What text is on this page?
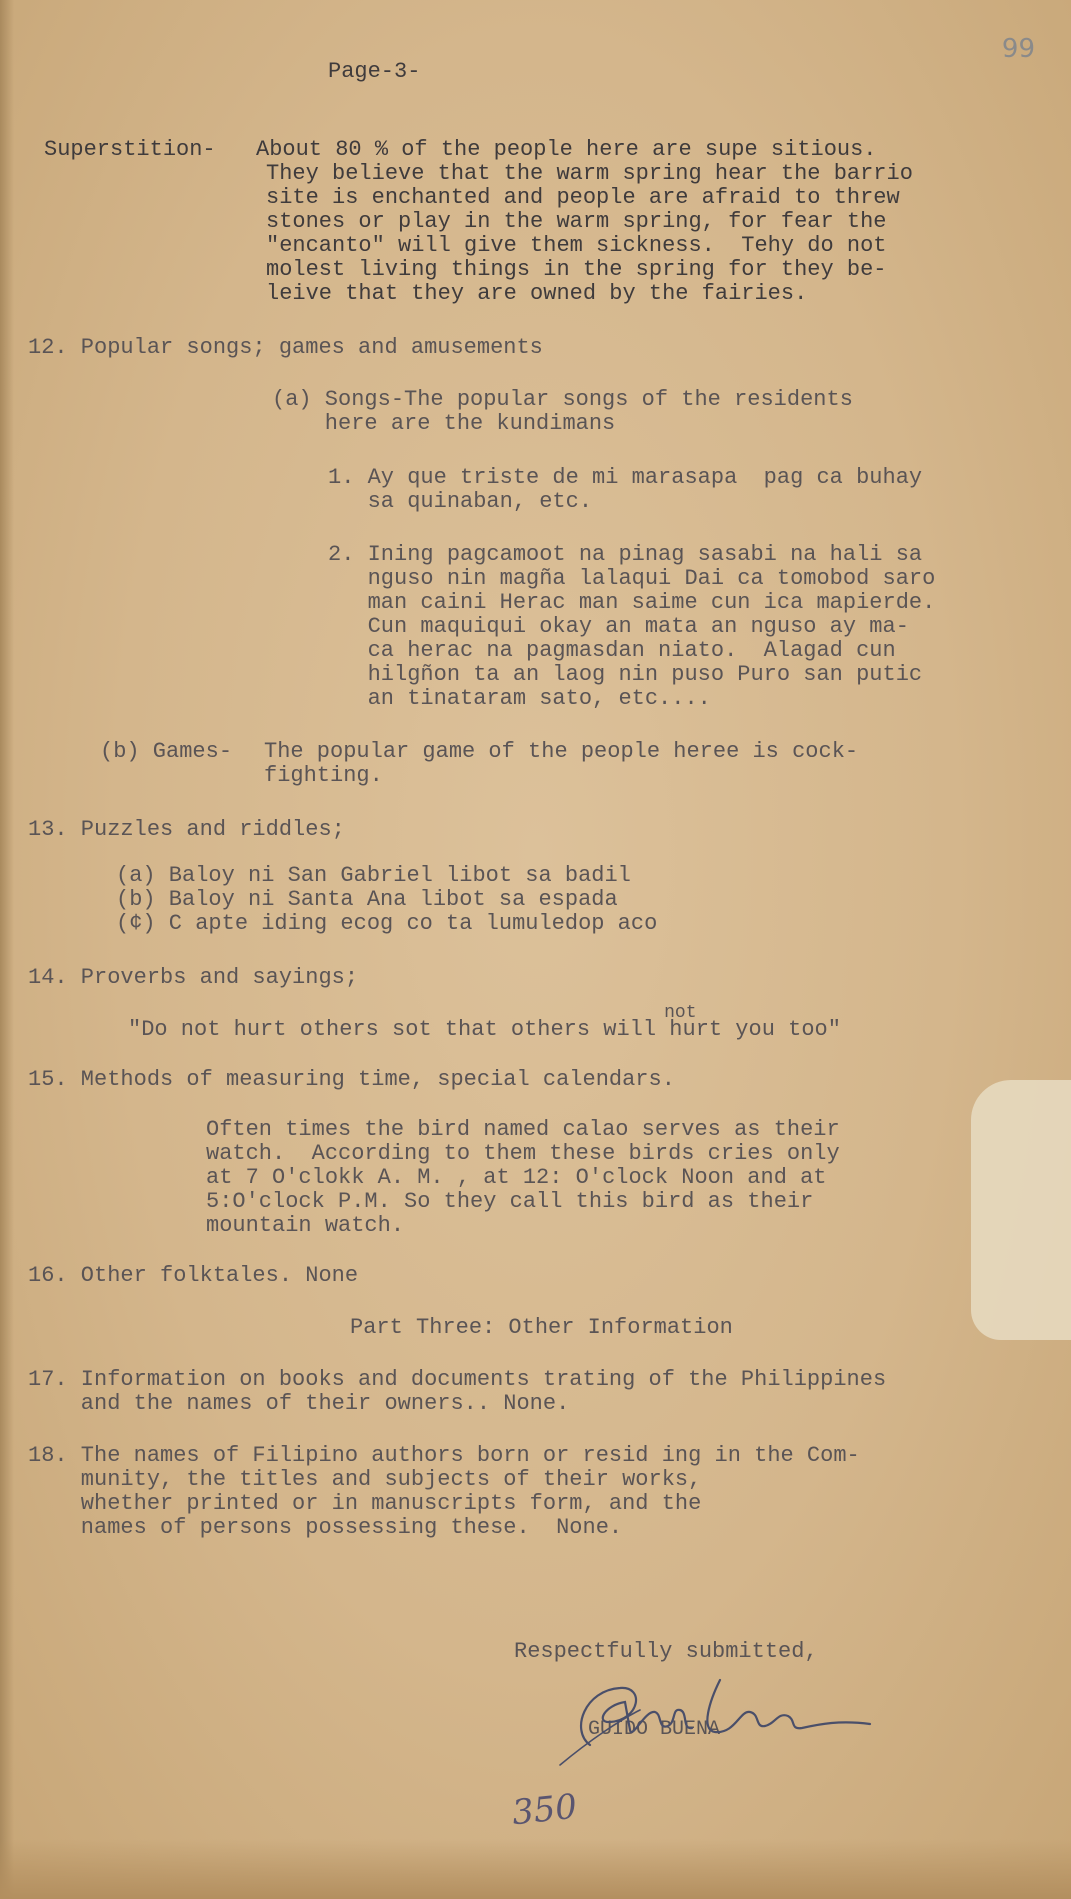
Page-3-
99
Superstition- About 80 % of the people here are supe sitious.
They believe that the warm spring hear the barrio
site is enchanted and people are afraid to threw
stones or play in the warm spring, for fear the
"encanto" will give them sickness.  Tehy do not
molest living things in the spring for they be-
leive that they are owned by the fairies.
12. Popular songs; games and amusements
(a) Songs-The popular songs of the residents
here are the kundimans
1. Ay que triste de mi marasapa  pag ca buhay
sa quinaban, etc.
2. Ining pagcamoot na pinag sasabi na hali sa
nguso nin magña lalaqui Dai ca tomobod saro
man caini Herac man saime cun ica mapierde.
Cun maquiqui okay an mata an nguso ay ma-
ca herac na pagmasdan niato.  Alagad cun
hilgñon ta an laog nin puso Puro san putic
an tinataram sato, etc....
(b) Games- The popular game of the people heree is cock-
fighting.
13. Puzzles and riddles;
(a) Baloy ni San Gabriel libot sa badil
(b) Baloy ni Santa Ana libot sa espada
(¢) C apte iding ecog co ta lumuledop aco
14. Proverbs and sayings;
"Do not hurt others sot that others will
not
hurt you too"
15. Methods of measuring time, special calendars.
Often times the bird named calao serves as their
watch.  According to them these birds cries only
at 7 O'clokk A. M. , at 12: O'clock Noon and at
5:O'clock P.M. So they call this bird as their
mountain watch.
16. Other folktales. None
Part Three: Other Information
17. Information on books and documents trating of the Philippines
and the names of their owners.. None.
18. The names of Filipino authors born or resid ing in the Com-
munity, the titles and subjects of their works,
whether printed or in manuscripts form, and the
names of persons possessing these.  None.
Respectfully submitted,
GUIDO BUENA
350
